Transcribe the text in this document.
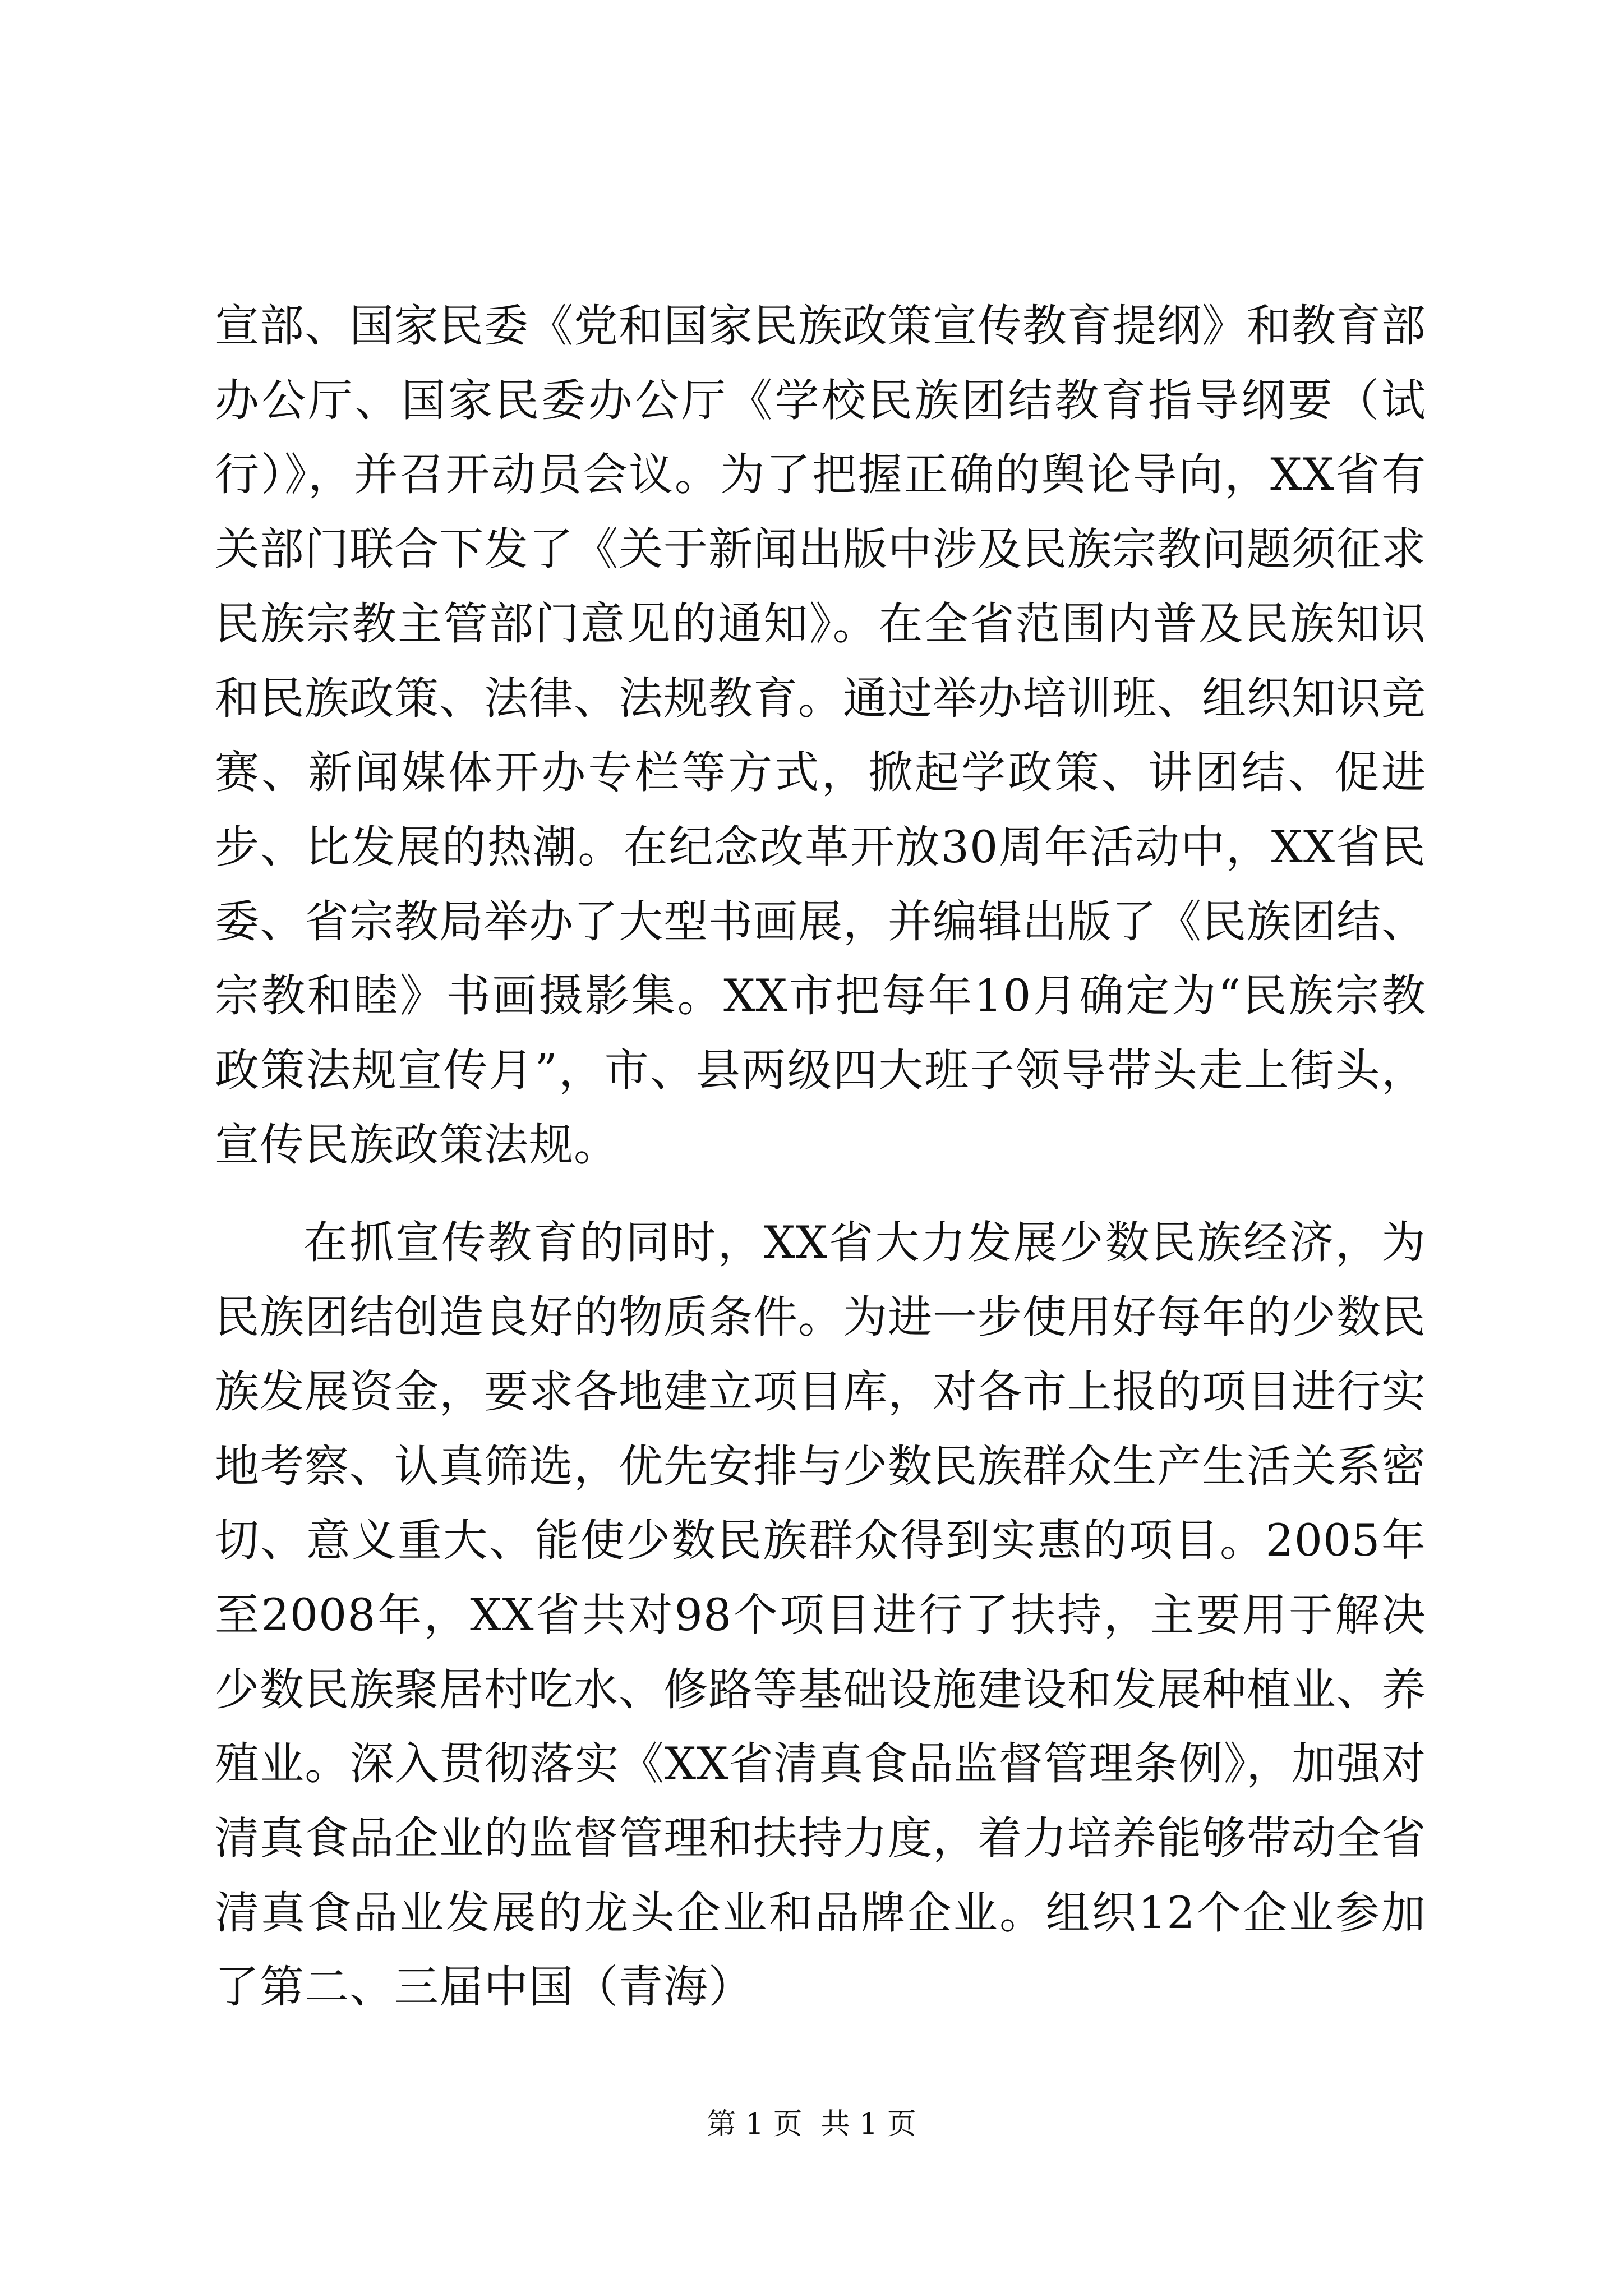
宣部、国家民委《党和国家民族政策宣传教育提纲》和教育部办公厅、国家民委办公厅《学校民族团结教育指导纲要（试行）》，并召开动员会议。为了把握正确的舆论导向，XX省有关部门联合下发了《关于新闻出版中涉及民族宗教问题须征求民族宗教主管部门意见的通知》。在全省范围内普及民族知识和民族政策、法律、法规教育。通过举办培训班、组织知识竞赛、新闻媒体开办专栏等方式，掀起学政策、讲团结、促进步、比发展的热潮。在纪念改革开放30周年活动中，XX省民委、省宗教局举办了大型书画展，并编辑出版了《民族团结、宗教和睦》书画摄影集。XX市把每年10月确定为“民族宗教政策法规宣传月”，市、县两级四大班子领导带头走上街头，宣传民族政策法规。

在抓宣传教育的同时，XX省大力发展少数民族经济，为民族团结创造良好的物质条件。为进一步使用好每年的少数民族发展资金，要求各地建立项目库，对各市上报的项目进行实地考察、认真筛选，优先安排与少数民族群众生产生活关系密切、意义重大、能使少数民族群众得到实惠的项目。2005年至2008年，XX省共对98个项目进行了扶持，主要用于解决少数民族聚居村吃水、修路等基础设施建设和发展种植业、养殖业。深入贯彻落实《XX省清真食品监督管理条例》，加强对清真食品企业的监督管理和扶持力度，着力培养能够带动全省清真食品业发展的龙头企业和品牌企业。组织12个企业参加了第二、三届中国（青海）

第 1 页  共 1 页
